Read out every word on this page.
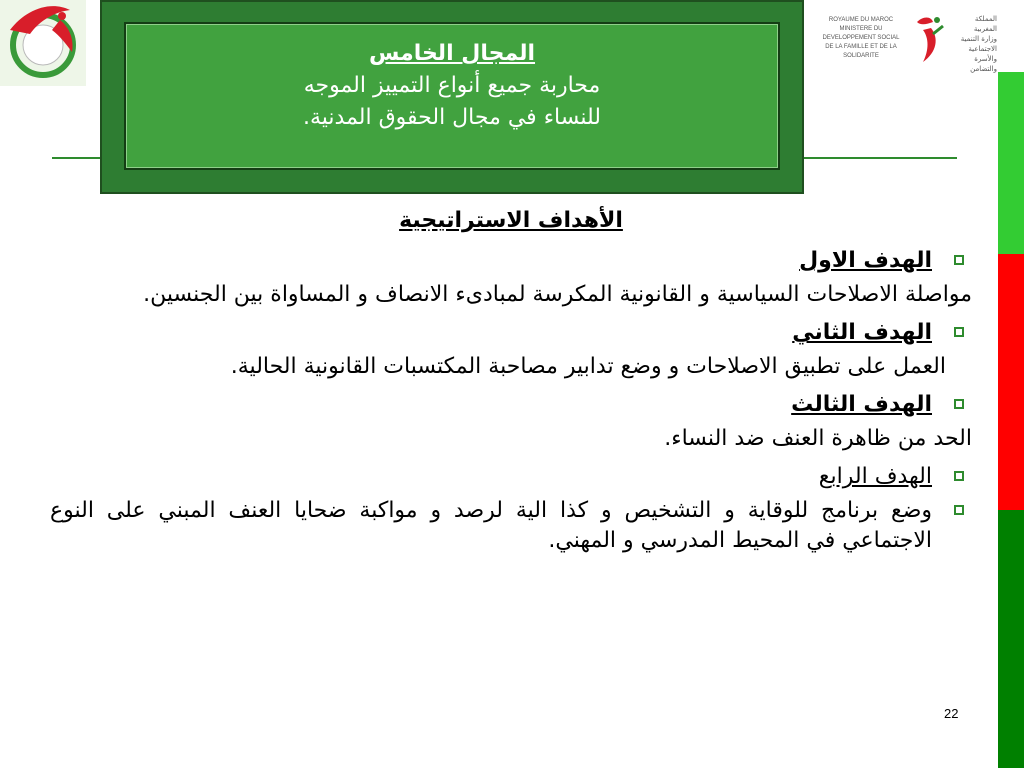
ROYAUME DU MAROC
MINISTERE DU DEVELOPPEMENT SOCIAL
DE LA FAMILLE ET DE LA SOLIDARITE
المملكة المغربية
وزارة التنمية الاجتماعية
والأسرة والتضامن
المجال الخامس
محاربة جميع أنواع التمييز الموجه
للنساء في مجال الحقوق المدنية.
الأهداف الاستراتيجية
الهدف الاول
مواصلة الاصلاحات السياسية و القانونية المكرسة لمبادىء الانصاف و المساواة بين الجنسين.
الهدف الثاني
العمل على تطبيق الاصلاحات و وضع تدابير مصاحبة المكتسبات القانونية الحالية.
الهدف الثالث
الحد من ظاهرة العنف ضد النساء.
الهدف الرابع
وضع برنامج للوقاية و التشخيص و كذا الية لرصد و مواكبة ضحايا العنف المبني على النوع الاجتماعي في المحيط المدرسي و المهني.
22
